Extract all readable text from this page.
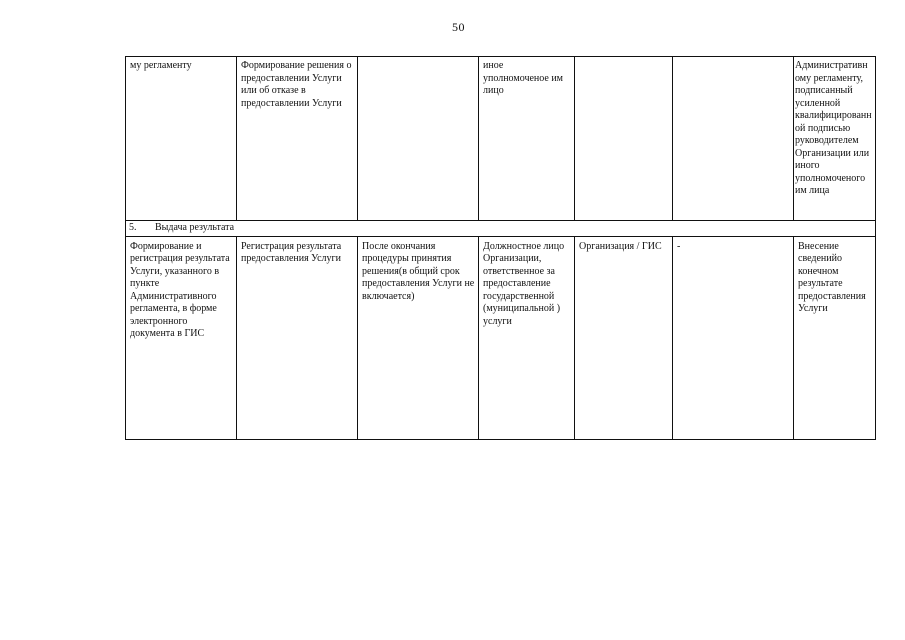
50
му регламенту	Формирование решения о предоставлении Услуги или об отказе в предоставлении Услуги		иное уполномоченое им лицо			Административному регламенту, подписанный усиленной квалифицированной подписью руководителем Организации или иного уполномоченого им лица
5. Выдача результата						
Формирование и регистрация результата Услуги, указанного в пункте Административного регламента, в форме электронного документа в ГИС	Регистрация результата предоставления Услуги	После окончания процедуры принятия решения(в общий срок предоставления Услуги не включается)	Должностное лицо Организации, ответственное за предоставление государственной (муниципальной ) услуги	Организация / ГИС	-	Внесение сведенийо конечном результате предоставления Услуги
